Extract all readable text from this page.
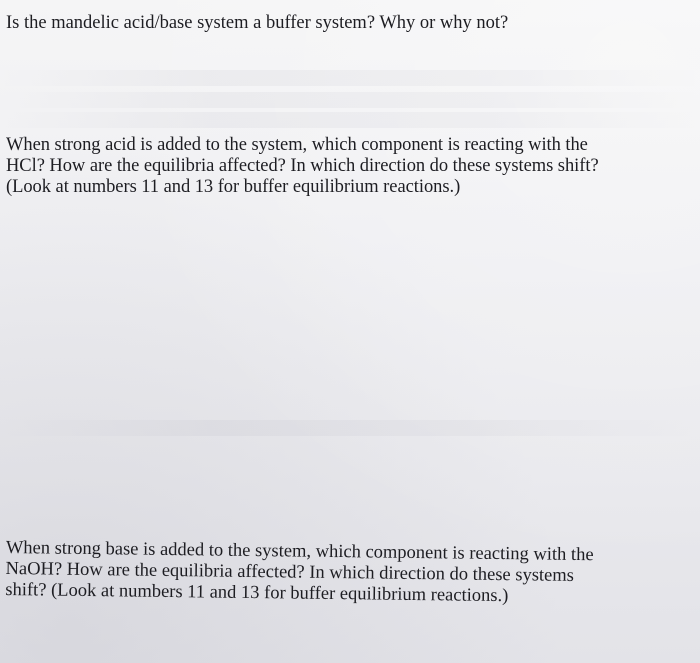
Is the mandelic acid/base system a buffer system? Why or why not?

When strong acid is added to the system, which component is reacting with the
HCl? How are the equilibria affected? In which direction do these systems shift?
(Look at numbers 11 and 13 for buffer equilibrium reactions.)

When strong base is added to the system, which component is reacting with the
NaOH? How are the equilibria affected? In which direction do these systems
shift? (Look at numbers 11 and 13 for buffer equilibrium reactions.)
